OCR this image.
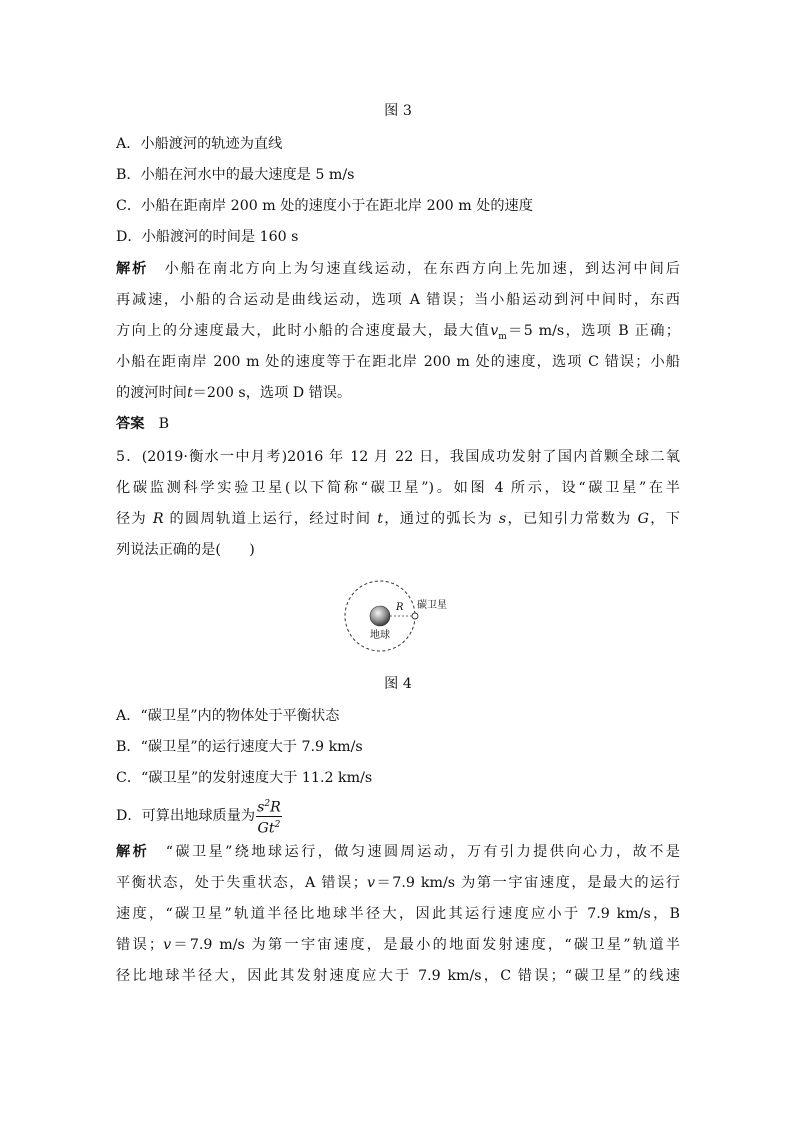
图 3
A．小船渡河的轨迹为直线
B．小船在河水中的最大速度是 5 m/s
C．小船在距南岸 200 m 处的速度小于在距北岸 200 m 处的速度
D．小船渡河的时间是 160 s
解析　 小船在南北方向上为匀速直线运动，在东西方向上先加速，到达河中间后
再减速，小船的合运动是曲线运动，选项 A 错误；当小船运动到河中间时，东西
方向上的分速度最大，此时小船的合速度最大，最大值$v_m=5$ m/s，选项 B 正确；
小船在距南岸 200 m 处的速度等于在距北岸 200 m 处的速度，选项 C 错误；小船
的渡河时间t＝200 s，选项 D 错误。
答案　 B
5．(2019·衡水一中月考)2016 年 12 月 22 日，我国成功发射了国内首颗全球二氧
化碳监测科学实验卫星(以下简称“碳卫星”)。如图 4 所示，设“碳卫星”在半
径为 R 的圆周轨道上运行，经过时间 t，通过的弧长为 s，已知引力常数为 G，下
列说法正确的是(　　)
图 4
A．“碳卫星”内的物体处于平衡状态
B．“碳卫星”的运行速度大于 7.9 km/s
C．“碳卫星”的发射速度大于 11.2 km/s
D．可算出地球质量为 $\frac{s^2R}{Gt^2}$
解析　 “碳卫星”绕地球运行，做匀速圆周运动，万有引力提供向心力，故不是
平衡状态，处于失重状态，A 错误；v＝7.9 km/s 为第一宇宙速度，是最大的运行
速度，“碳卫星”轨道半径比地球半径大，因此其运行速度应小于 7.9 km/s，B
错误；v＝7.9 m/s 为第一宇宙速度，是最小的地面发射速度，“碳卫星”轨道半
径比地球半径大，因此其发射速度应大于 7.9 km/s，C 错误；“碳卫星”的线速
R 碳卫星
地球
